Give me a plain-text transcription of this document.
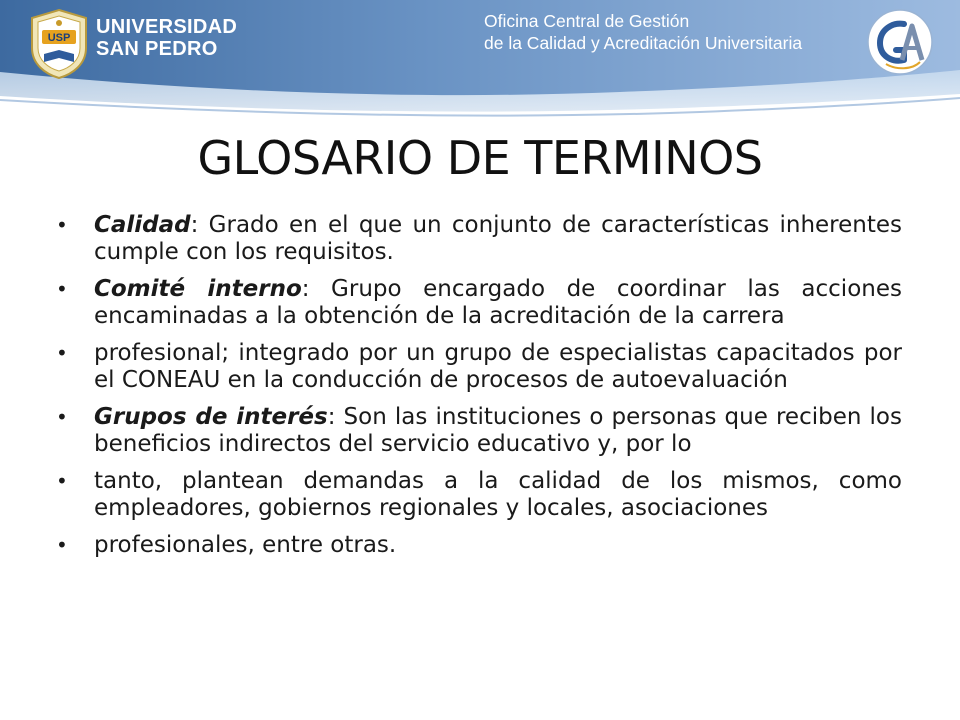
USP UNIVERSIDAD
SAN PEDRO
Oficina Central de Gestión
de la Calidad y Acreditación Universitaria
GLOSARIO DE TERMINOS
• Calidad: Grado en el que un conjunto de características inherentes cumple con los requisitos.
• Comité interno: Grupo encargado de coordinar las acciones encaminadas a la obtención de la acreditación de la carrera
• profesional; integrado por un grupo de especialistas capacitados por el CONEAU en la conducción de procesos de autoevaluación
• Grupos de interés: Son las instituciones o personas que reciben los beneficios indirectos del servicio educativo y, por lo
• tanto, plantean demandas a la calidad de los mismos, como empleadores, gobiernos regionales y locales, asociaciones
• profesionales, entre otras.
